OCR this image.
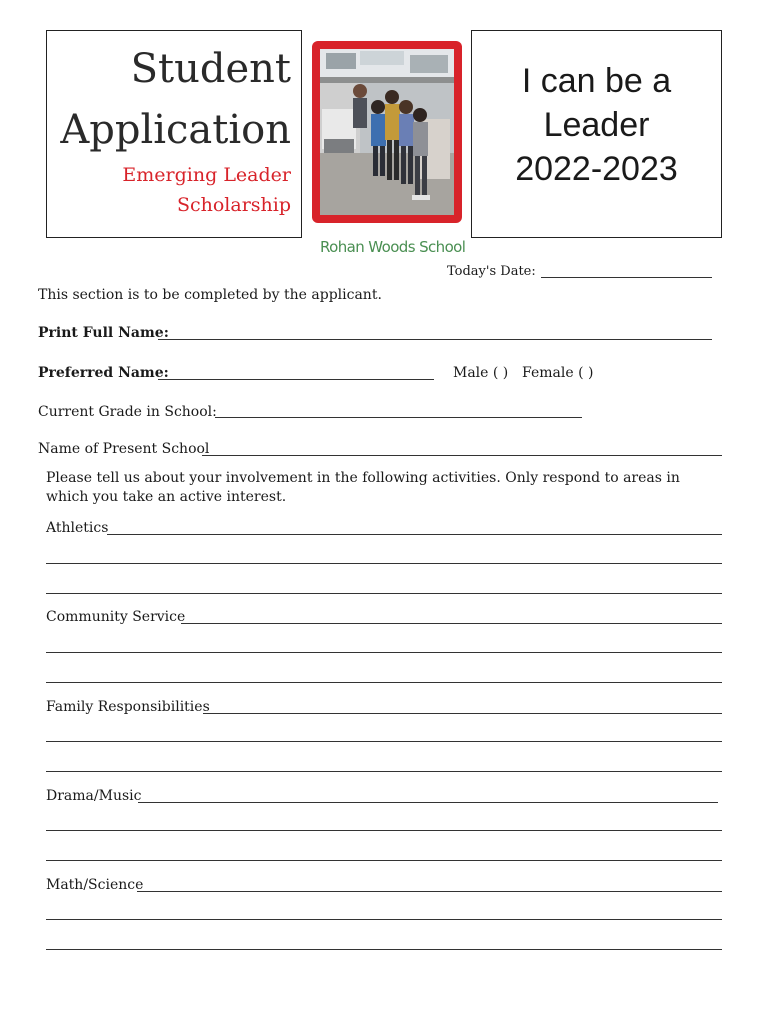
Student
Application
Emerging Leader
Scholarship
I can be a
Leader
2022-2023
Rohan Woods School
Today's Date:
This section is to be completed by the applicant.
Print Full Name:
Preferred Name:	Male ( ) Female ( )
Current Grade in School:
Name of Present School
Please tell us about your involvement in the following activities. Only respond to areas in which you take an active interest.
Athletics
Community Service
Family Responsibilities
Drama/Music
Math/Science
